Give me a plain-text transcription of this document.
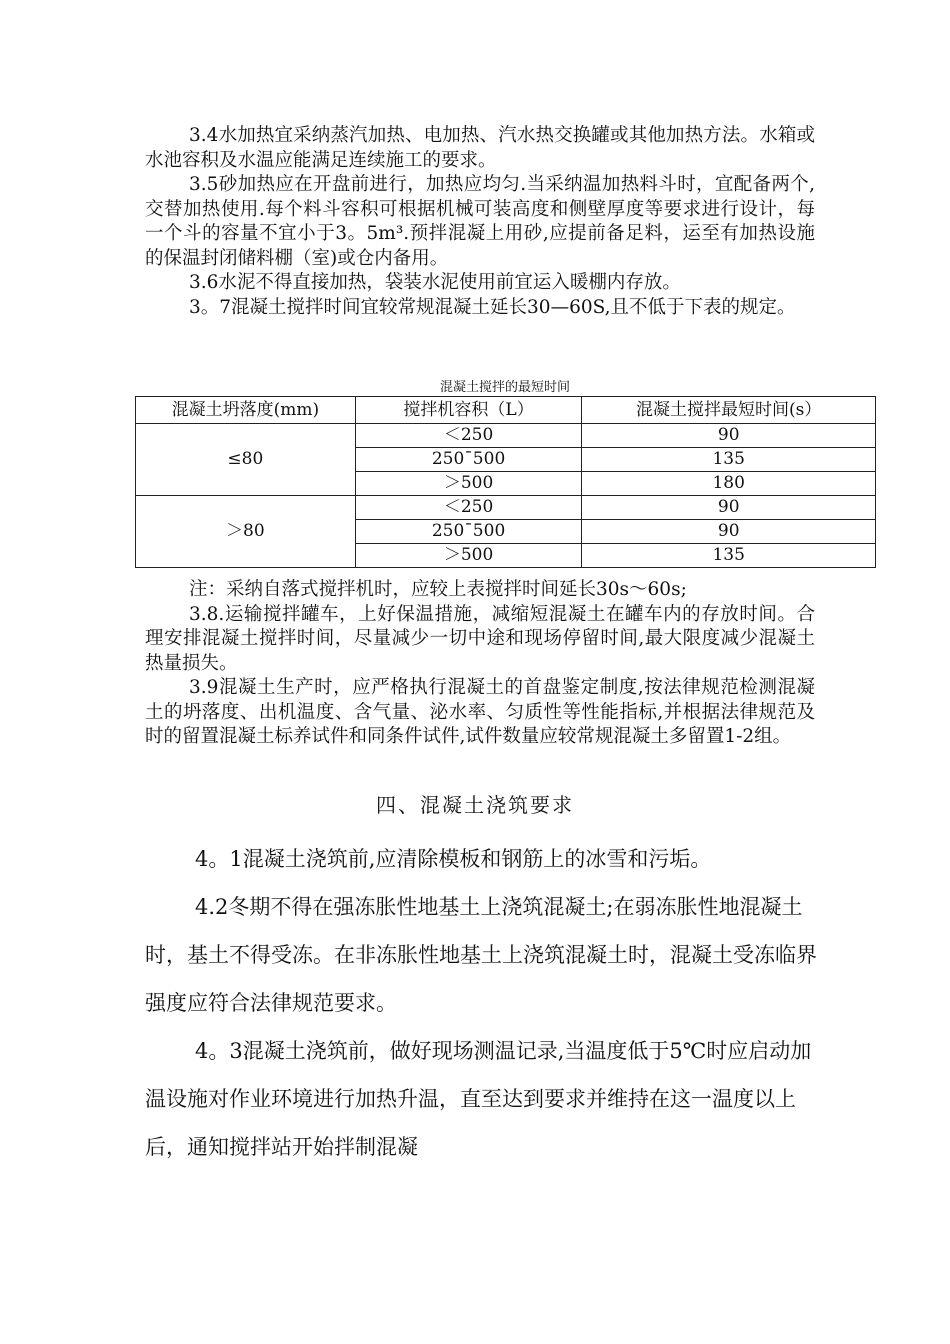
3.4水加热宜采纳蒸汽加热、电加热、汽水热交换罐或其他加热方法。水箱或水池容积及水温应能满足连续施工的要求。

3.5砂加热应在开盘前进行，加热应均匀.当采纳温加热料斗时，宜配备两个,交替加热使用.每个料斗容积可根据机械可装高度和侧壁厚度等要求进行设计，每一个斗的容量不宜小于3。5m³.预拌混凝上用砂,应提前备足料，运至有加热设施的保温封闭储料棚（室)或仓内备用。

3.6水泥不得直接加热，袋装水泥使用前宜运入暖棚内存放。

3。7混凝土搅拌时间宜较常规混凝土延长30—60S,且不低于下表的规定。

混凝土搅拌的最短时间
混凝土坍落度(mm)	搅拌机容积（L）	混凝土搅拌最短时间(s）
≤80	＜250	90
	250¯500	135
	＞500	180
＞80	＜250	90
	250¯500	90
	＞500	135

注：采纳自落式搅拌机时，应较上表搅拌时间延长30s～60s;

3.8.运输搅拌罐车，上好保温措施，减缩短混凝土在罐车内的存放时间。合理安排混凝土搅拌时间，尽量减少一切中途和现场停留时间,最大限度减少混凝土热量损失。

3.9混凝土生产时，应严格执行混凝土的首盘鉴定制度,按法律规范检测混凝土的坍落度、出机温度、含气量、泌水率、匀质性等性能指标,并根据法律规范及时的留置混凝土标养试件和同条件试件,试件数量应较常规混凝土多留置1-2组。

四、混凝土浇筑要求

4。1混凝土浇筑前,应清除模板和钢筋上的冰雪和污垢。

4.2冬期不得在强冻胀性地基土上浇筑混凝土;在弱冻胀性地混凝土时，基土不得受冻。在非冻胀性地基土上浇筑混凝土时，混凝土受冻临界强度应符合法律规范要求。

4。3混凝土浇筑前，做好现场测温记录,当温度低于5℃时应启动加温设施对作业环境进行加热升温，直至达到要求并维持在这一温度以上后，通知搅拌站开始拌制混凝
